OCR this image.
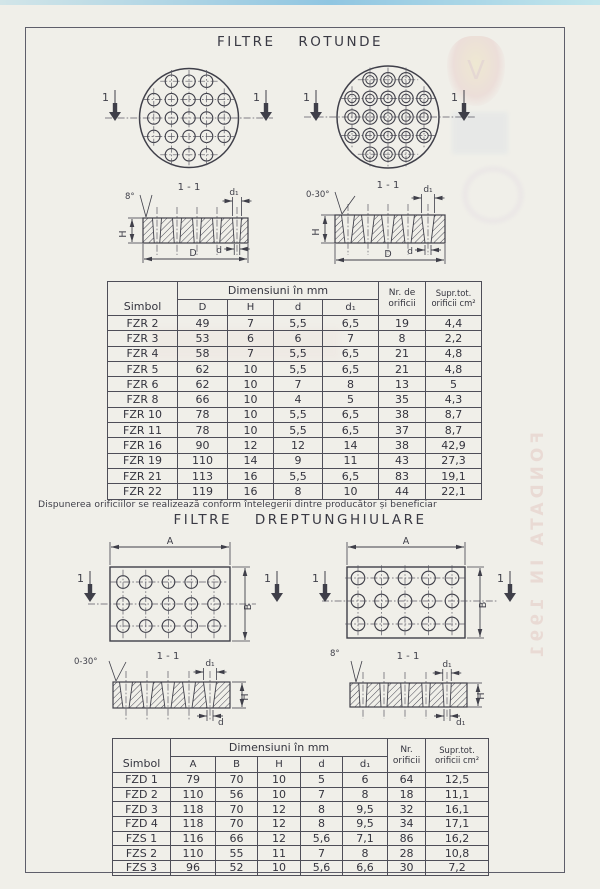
V
FONDATA IN 1991
FILTRE ROTUNDE
1	1
1 - 1
H
D
d₁
8°
d
1	1
1 - 1
H
D
d₁
0-30°
d
Simbol	Dimensiuni în mm				Nr. de orificii	Supr.tot. orificii cm²
	D	H	d	d₁		
FZR 2	49	7	5,5	6,5	19	4,4
FZR 3	53	6	6	7	8	2,2
FZR 4	58	7	5,5	6,5	21	4,8
FZR 5	62	10	5,5	6,5	21	4,8
FZR 6	62	10	7	8	13	5
FZR 8	66	10	4	5	35	4,3
FZR 10	78	10	5,5	6,5	38	8,7
FZR 11	78	10	5,5	6,5	37	8,7
FZR 16	90	12	12	14	38	42,9
FZR 19	110	14	9	11	43	27,3
FZR 21	113	16	5,5	6,5	83	19,1
FZR 22	119	16	8	10	44	22,1
Dispunerea orificiilor se realizează conform întelegerii dintre producător și beneficiar
FILTRE DREPTUNGHIULARE
A
B
1	1
0-30°	1 - 1
d₁
H
d
A
B
1	1
8°	1 - 1
d₁
H
d₁
Simbol	Dimensiuni în mm					Nr. orificii	Supr.tot. orificii cm²
	A	B	H	d	d₁		
FZD 1	79	70	10	5	6	64	12,5
FZD 2	110	56	10	7	8	18	11,1
FZD 3	118	70	12	8	9,5	32	16,1
FZD 4	118	70	12	8	9,5	34	17,1
FZS 1	116	66	12	5,6	7,1	86	16,2
FZS 2	110	55	11	7	8	28	10,8
FZS 3	96	52	10	5,6	6,6	30	7,2
